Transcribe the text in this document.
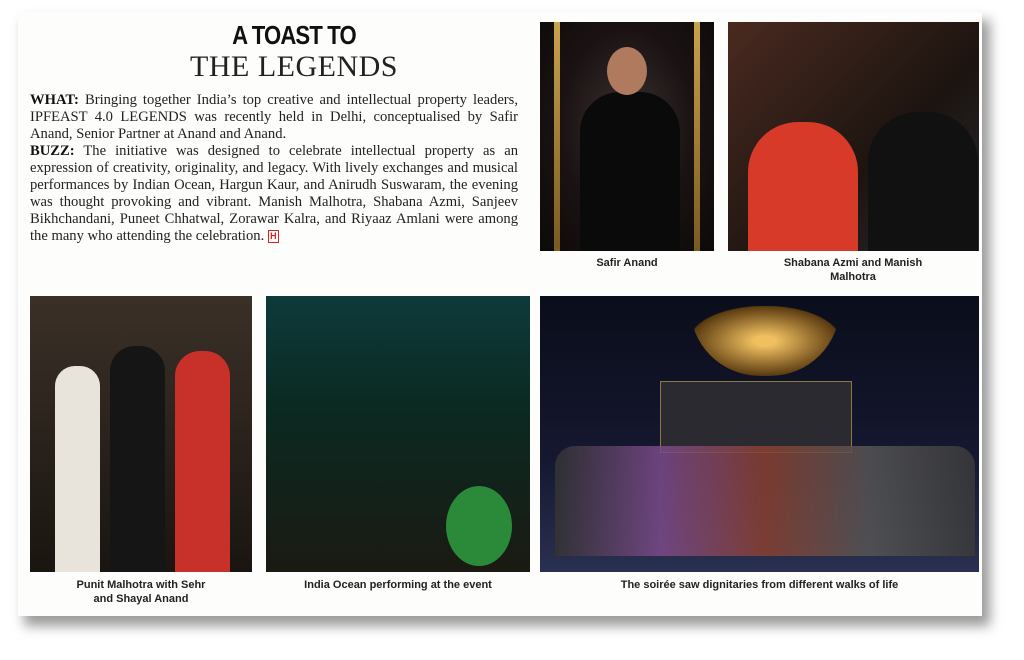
A TOAST TO
THE LEGENDS
WHAT: Bringing together India’s top creative and intellectual property leaders, IPFEAST 4.0 LEGENDS was recently held in Delhi, conceptualised by Safir Anand, Senior Partner at Anand and Anand.
BUZZ: The initiative was designed to celebrate intellectual property as an expression of creativity, originality, and legacy. With lively exchanges and musical performances by Indian Ocean, Hargun Kaur, and Anirudh Suswaram, the evening was thought provoking and vibrant. Manish Malhotra, Shabana Azmi, Sanjeev Bikhchandani, Puneet Chhatwal, Zorawar Kalra, and Riyaaz Amlani were among the many who attending the celebration. H
Safir Anand	Shabana Azmi and Manish Malhotra
Punit Malhotra with Sehr and Shayal Anand
India Ocean performing at the event	The soirée saw dignitaries from different walks of life
